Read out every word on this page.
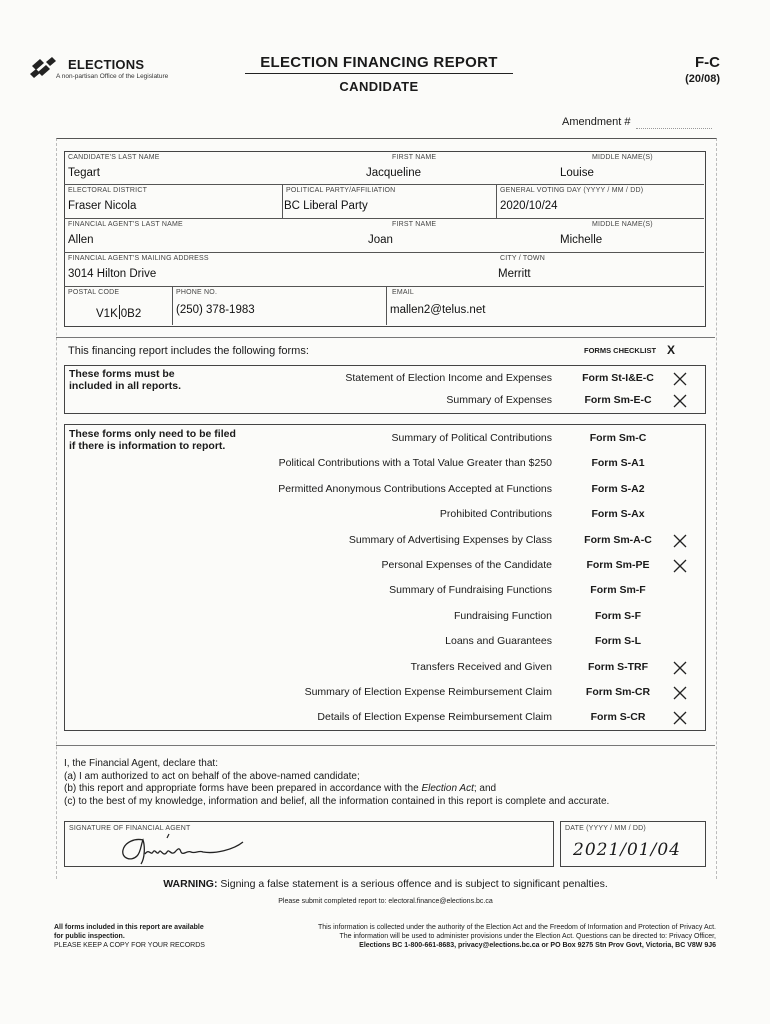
ELECTIONS
A non-partisan Office of the Legislature
ELECTION FINANCING REPORT
CANDIDATE
F-C
(20/08)
Amendment #
CANDIDATE'S LAST NAME
Tegart
FIRST NAME
Jacqueline
MIDDLE NAME(S)
Louise
ELECTORAL DISTRICT
Fraser Nicola
POLITICAL PARTY/AFFILIATION
BC Liberal Party
GENERAL VOTING DAY (YYYY / MM / DD)
2020/10/24
FINANCIAL AGENT'S LAST NAME
Allen
FIRST NAME
Joan
MIDDLE NAME(S)
Michelle
FINANCIAL AGENT'S MAILING ADDRESS
3014 Hilton Drive
CITY / TOWN
Merritt
POSTAL CODE
V1K 0B2
PHONE NO.
(250) 378-1983
EMAIL
mallen2@telus.net
This financing report includes the following forms:	FORMS CHECKLIST X
These forms must be
included in all reports.
Statement of Election Income and Expenses	Form St-I&E-C
Summary of Expenses	Form Sm-E-C
These forms only need to be filed
if there is information to report.
Summary of Political Contributions	Form Sm-C
Political Contributions with a Total Value Greater than $250	Form S-A1
Permitted Anonymous Contributions Accepted at Functions	Form S-A2
Prohibited Contributions	Form S-Ax
Summary of Advertising Expenses by Class	Form Sm-A-C
Personal Expenses of the Candidate	Form Sm-PE
Summary of Fundraising Functions	Form Sm-F
Fundraising Function	Form S-F
Loans and Guarantees	Form S-L
Transfers Received and Given	Form S-TRF
Summary of Election Expense Reimbursement Claim	Form Sm-CR
Details of Election Expense Reimbursement Claim	Form S-CR
I, the Financial Agent, declare that:
(a) I am authorized to act on behalf of the above-named candidate;
(b) this report and appropriate forms have been prepared in accordance with the Election Act; and
(c) to the best of my knowledge, information and belief, all the information contained in this report is complete and accurate.
SIGNATURE OF FINANCIAL AGENT	DATE (YYYY / MM / DD)
2021/01/04
WARNING: Signing a false statement is a serious offence and is subject to significant penalties.
Please submit completed report to: electoral.finance@elections.bc.ca
All forms included in this report are available
for public inspection.
PLEASE KEEP A COPY FOR YOUR RECORDS
This information is collected under the authority of the Election Act and the Freedom of Information and Protection of Privacy Act.
The information will be used to administer provisions under the Election Act. Questions can be directed to: Privacy Officer,
Elections BC 1-800-661-8683, privacy@elections.bc.ca or PO Box 9275 Stn Prov Govt, Victoria, BC V8W 9J6
